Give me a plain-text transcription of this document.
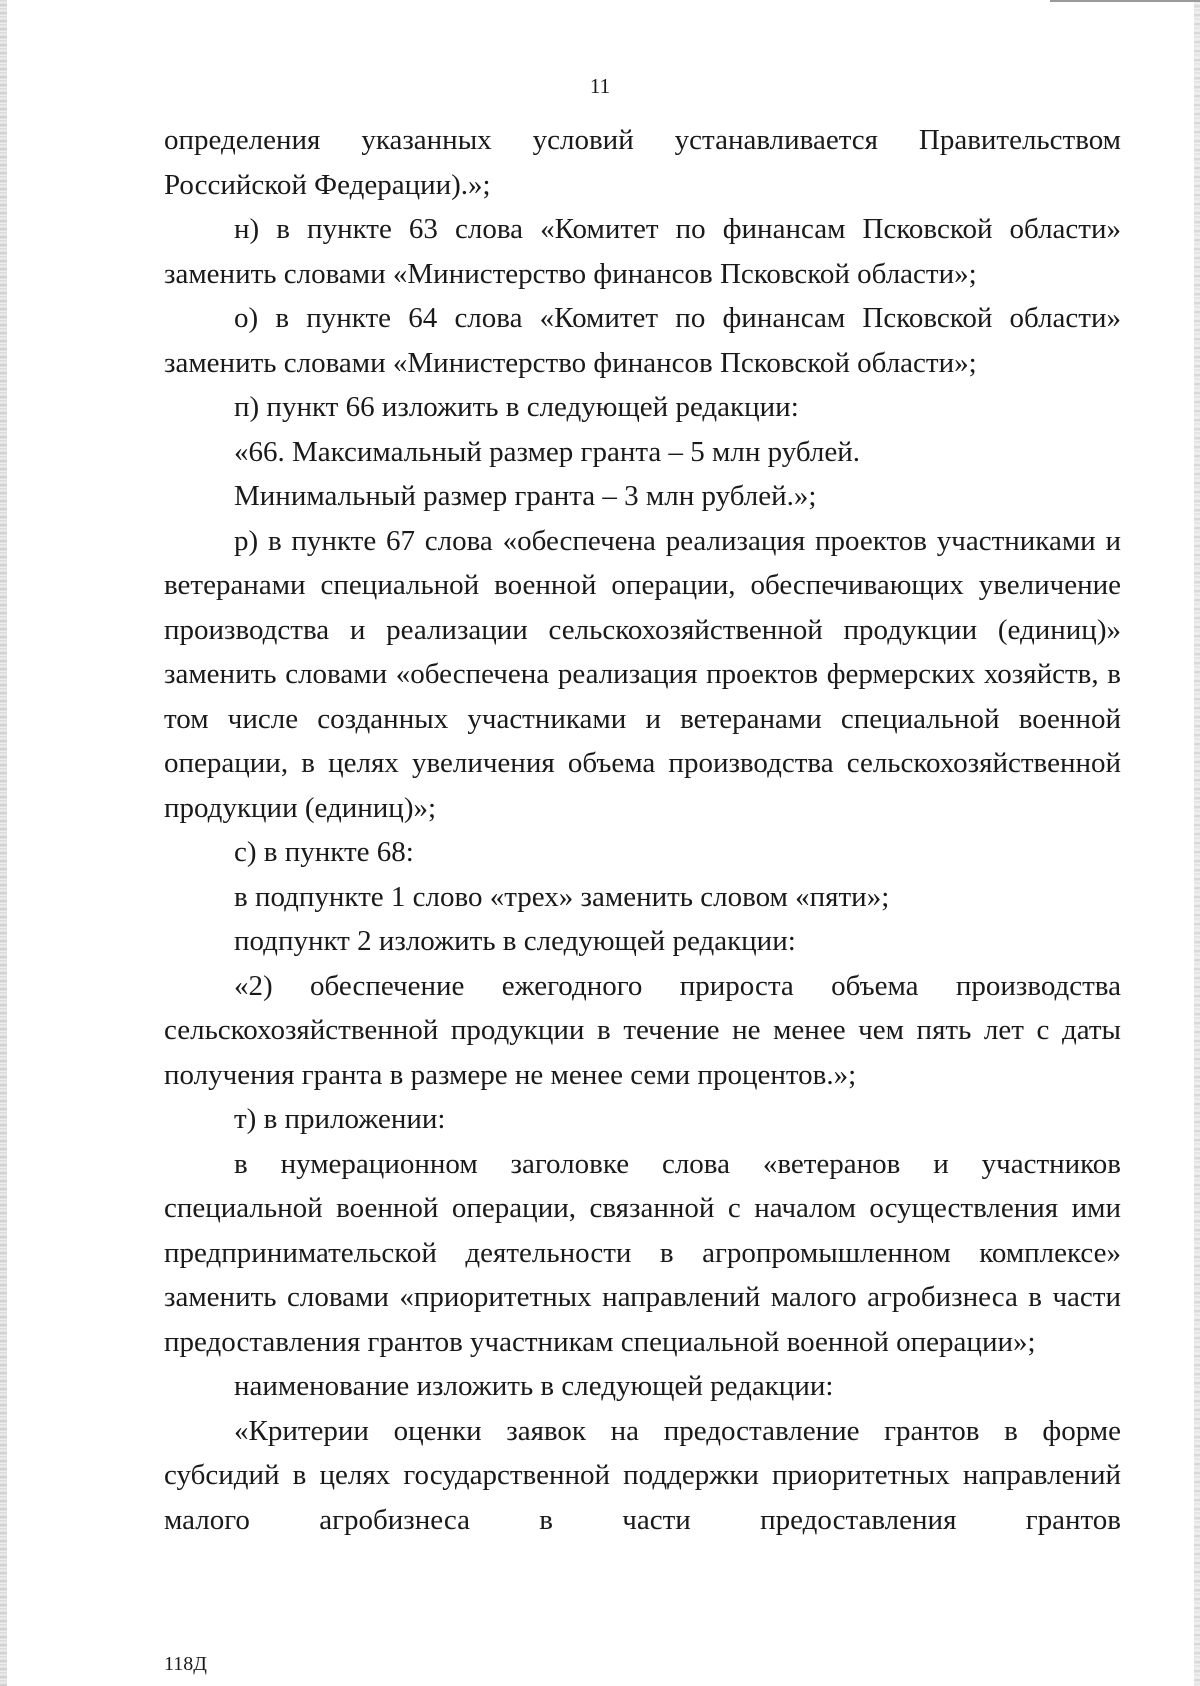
11

определения указанных условий устанавливается Правительством Российской Федерации).»;

н) в пункте 63 слова «Комитет по финансам Псковской области» заменить словами «Министерство финансов Псковской области»;

о) в пункте 64 слова «Комитет по финансам Псковской области» заменить словами «Министерство финансов Псковской области»;

п) пункт 66 изложить в следующей редакции:

«66. Максимальный размер гранта – 5 млн рублей.

Минимальный размер гранта – 3 млн рублей.»;

р) в пункте 67 слова «обеспечена реализация проектов участниками и ветеранами специальной военной операции, обеспечивающих увеличение производства и реализации сельскохозяйственной продукции (единиц)» заменить словами «обеспечена реализация проектов фермерских хозяйств, в том числе созданных участниками и ветеранами специальной военной операции, в целях увеличения объема производства сельскохозяйственной продукции (единиц)»;

с) в пункте 68:

в подпункте 1 слово «трех» заменить словом «пяти»;

подпункт 2 изложить в следующей редакции:

«2) обеспечение ежегодного прироста объема производства сельскохозяйственной продукции в течение не менее чем пять лет с даты получения гранта в размере не менее семи процентов.»;

т) в приложении:

в нумерационном заголовке слова «ветеранов и участников специальной военной операции, связанной с началом осуществления ими предпринимательской деятельности в агропромышленном комплексе» заменить словами «приоритетных направлений малого агробизнеса в части предоставления грантов участникам специальной военной операции»;

наименование изложить в следующей редакции:

«Критерии оценки заявок на предоставление грантов в форме субсидий в целях государственной поддержки приоритетных направлений малого агробизнеса в части предоставления грантов

118Д
